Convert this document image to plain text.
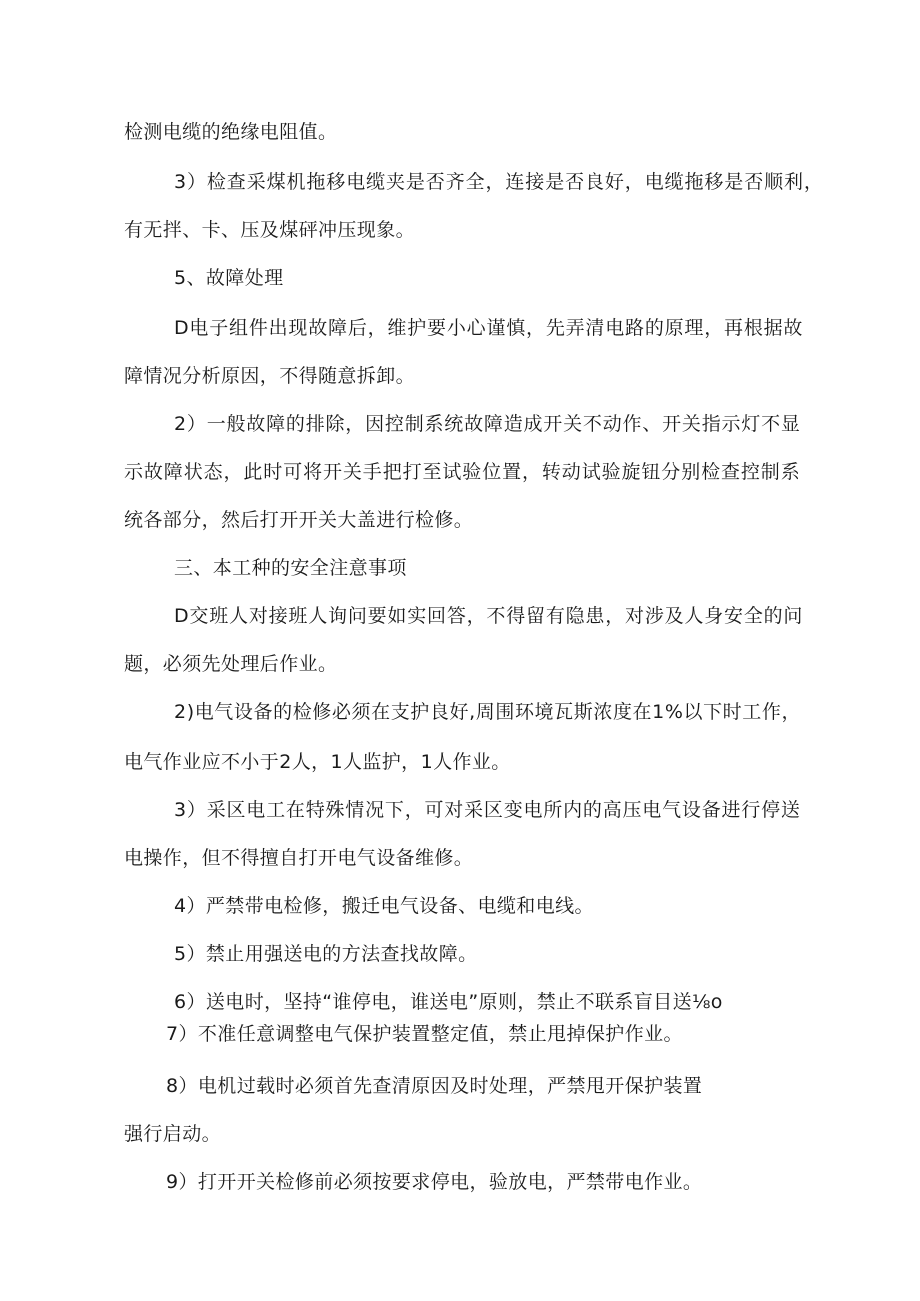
检测电缆的绝缘电阻值。
3）检查采煤机拖移电缆夹是否齐全，连接是否良好，电缆拖移是否顺利，
有无拌、卡、压及煤砰冲压现象。
5、故障处理
D电子组件出现故障后，维护要小心谨慎，先弄清电路的原理，再根据故
障情况分析原因，不得随意拆卸。
2）一般故障的排除，因控制系统故障造成开关不动作、开关指示灯不显
示故障状态，此时可将开关手把打至试验位置，转动试验旋钮分别检查控制系
统各部分，然后打开开关大盖进行检修。
三、本工种的安全注意事项
D交班人对接班人询问要如实回答，不得留有隐患，对涉及人身安全的问
题，必须先处理后作业。
2)电气设备的检修必须在支护良好,周围环境瓦斯浓度在1%以下时工作，
电气作业应不小于2人，1人监护，1人作业。
3）采区电工在特殊情况下，可对采区变电所内的高压电气设备进行停送
电操作，但不得擅自打开电气设备维修。
4）严禁带电检修，搬迁电气设备、电缆和电线。
5）禁止用强送电的方法查找故障。
6）送电时，坚持“谁停电，谁送电”原则，禁止不联系盲目送⅛o
7）不准任意调整电气保护装置整定值，禁止甩掉保护作业。
8）电机过载时必须首先查清原因及时处理，严禁甩开保护装置
强行启动。
9）打开开关检修前必须按要求停电，验放电，严禁带电作业。
